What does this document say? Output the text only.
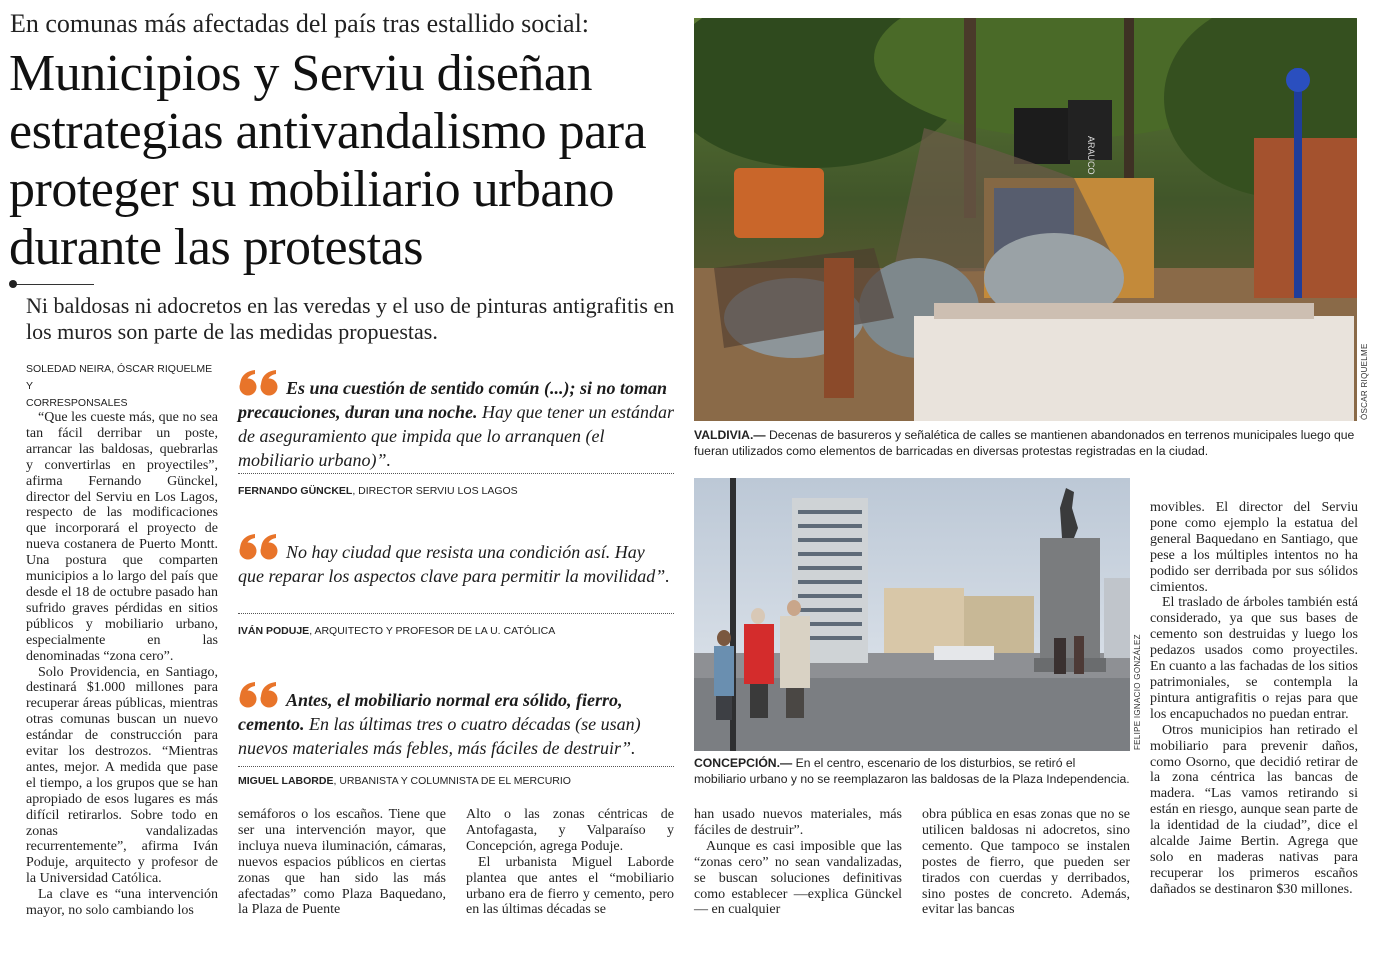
En comunas más afectadas del país tras estallido social:
Municipios y Serviu diseñan estrategias antivandalismo para proteger su mobiliario urbano durante las protestas
Ni baldosas ni adocretos en las veredas y el uso de pinturas antigrafitis en los muros son parte de las medidas propuestas.
SOLEDAD NEIRA, ÓSCAR RIQUELME Y
CORRESPONSALES

“Que les cueste más, que no sea tan fácil derribar un poste, arrancar las baldosas, quebrarlas y convertirlas en proyectiles”, afirma Fernando Günckel, director del Serviu en Los Lagos, respecto de las modificaciones que incorporará el proyecto de nueva costanera de Puerto Montt. Una postura que comparten municipios a lo largo del país que desde el 18 de octubre pasado han sufrido graves pérdidas en sitios públicos y mobiliario urbano, especialmente en las denominadas “zona cero”.

Solo Providencia, en Santiago, destinará $1.000 millones para recuperar áreas públicas, mientras otras comunas buscan un nuevo estándar de construcción para evitar los destrozos. “Mientras antes, mejor. A medida que pase el tiempo, a los grupos que se han apropiado de esos lugares es más difícil retirarlos. Sobre todo en zonas vandalizadas recurrentemente”, afirma Iván Poduje, arquitecto y profesor de la Universidad Católica.

La clave es “una intervención mayor, no solo cambiando los

Es una cuestión de sentido común (...); si no toman precauciones, duran una noche. Hay que tener un estándar de aseguramiento que impida que lo arranquen (el mobiliario urbano)”.
FERNANDO GÜNCKEL, DIRECTOR SERVIU LOS LAGOS
No hay ciudad que resista una condición así. Hay que reparar los aspectos clave para permitir la movilidad”.
IVÁN PODUJE, ARQUITECTO Y PROFESOR DE LA U. CATÓLICA
Antes, el mobiliario normal era sólido, fierro, cemento. En las últimas tres o cuatro décadas (se usan) nuevos materiales más febles, más fáciles de destruir”.
MIGUEL LABORDE, URBANISTA Y COLUMNISTA DE EL MERCURIO

semáforos o los escaños. Tiene que ser una intervención mayor, que incluya nueva iluminación, cámaras, nuevos espacios públicos en ciertas zonas que han sido las más afectadas” como Plaza Baquedano, la Plaza de Puente

Alto o las zonas céntricas de Antofagasta, y Valparaíso y Concepción, agrega Poduje.

El urbanista Miguel Laborde plantea que antes el “mobiliario urbano era de fierro y cemento, pero en las últimas décadas se

han usado nuevos materiales, más fáciles de destruir”.

Aunque es casi imposible que las “zonas cero” no sean vandalizadas, se buscan soluciones definitivas como establecer —explica Günckel— en cualquier

obra pública en esas zonas que no se utilicen baldosas ni adocretos, sino cemento. Que tampoco se instalen postes de fierro, que pueden ser tirados con cuerdas y derribados, sino postes de concreto. Además, evitar las bancas

movibles. El director del Serviu pone como ejemplo la estatua del general Baquedano en Santiago, que pese a los múltiples intentos no ha podido ser derribada por sus sólidos cimientos.

El traslado de árboles también está considerado, ya que sus bases de cemento son destruidas y luego los pedazos usados como proyectiles. En cuanto a las fachadas de los sitios patrimoniales, se contempla la pintura antigrafitis o rejas para que los encapuchados no puedan entrar.

Otros municipios han retirado el mobiliario para prevenir daños, como Osorno, que decidió retirar de la zona céntrica las bancas de madera. “Las vamos retirando si están en riesgo, aunque sean parte de la identidad de la ciudad”, dice el alcalde Jaime Bertin. Agrega que solo en maderas nativas para recuperar los primeros escaños dañados se destinaron $30 millones.

ARAUCO
ÓSCAR RIQUELME
VALDIVIA.— Decenas de basureros y señalética de calles se mantienen abandonados en terrenos municipales luego que fueran utilizados como elementos de barricadas en diversas protestas registradas en la ciudad.
FELIPE IGNACIO GONZÁLEZ
CONCEPCIÓN.— En el centro, escenario de los disturbios, se retiró el mobiliario urbano y no se reemplazaron las baldosas de la Plaza Independencia.
